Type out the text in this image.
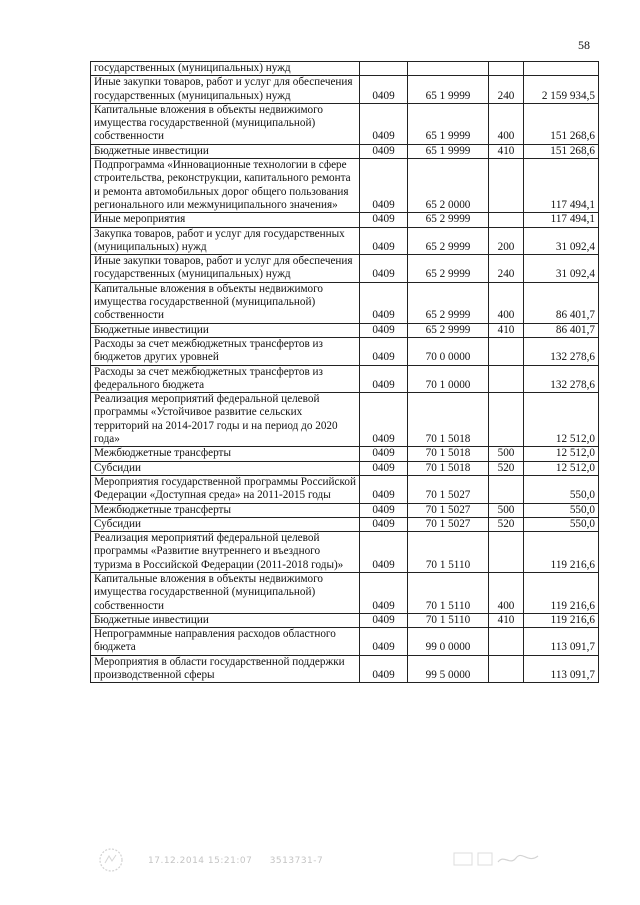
58
государственных (муниципальных) нужд				
Иные закупки товаров, работ и услуг для обеспечения государственных (муниципальных) нужд	0409	65 1 9999	240	2 159 934,5
Капитальные вложения в объекты недвижимого имущества государственной (муниципальной) собственности	0409	65 1 9999	400	151 268,6
Бюджетные инвестиции	0409	65 1 9999	410	151 268,6
Подпрограмма «Инновационные технологии в сфере строительства, реконструкции, капитального ремонта и ремонта автомобильных дорог общего пользования регионального или межмуниципального значения»	0409	65 2 0000		117 494,1
Иные мероприятия	0409	65 2 9999		117 494,1
Закупка товаров, работ и услуг для государственных (муниципальных) нужд	0409	65 2 9999	200	31 092,4
Иные закупки товаров, работ и услуг для обеспечения государственных (муниципальных) нужд	0409	65 2 9999	240	31 092,4
Капитальные вложения в объекты недвижимого имущества государственной (муниципальной) собственности	0409	65 2 9999	400	86 401,7
Бюджетные инвестиции	0409	65 2 9999	410	86 401,7
Расходы за счет межбюджетных трансфертов из бюджетов других уровней	0409	70 0 0000		132 278,6
Расходы за счет межбюджетных трансфертов из федерального бюджета	0409	70 1 0000		132 278,6
Реализация мероприятий федеральной целевой программы «Устойчивое развитие сельских территорий на 2014-2017 годы и на период до 2020 года»	0409	70 1 5018		12 512,0
Межбюджетные трансферты	0409	70 1 5018	500	12 512,0
Субсидии	0409	70 1 5018	520	12 512,0
Мероприятия государственной программы Российской Федерации «Доступная среда» на 2011-2015 годы	0409	70 1 5027		550,0
Межбюджетные трансферты	0409	70 1 5027	500	550,0
Субсидии	0409	70 1 5027	520	550,0
Реализация мероприятий федеральной целевой программы «Развитие внутреннего и въездного туризма в Российской Федерации (2011-2018 годы)»	0409	70 1 5110		119 216,6
Капитальные вложения в объекты недвижимого имущества государственной (муниципальной) собственности	0409	70 1 5110	400	119 216,6
Бюджетные инвестиции	0409	70 1 5110	410	119 216,6
Непрограммные направления расходов областного бюджета	0409	99 0 0000		113 091,7
Мероприятия в области государственной поддержки производственной сферы	0409	99 5 0000		113 091,7
17.12.2014 15:21:07 3513731-7
